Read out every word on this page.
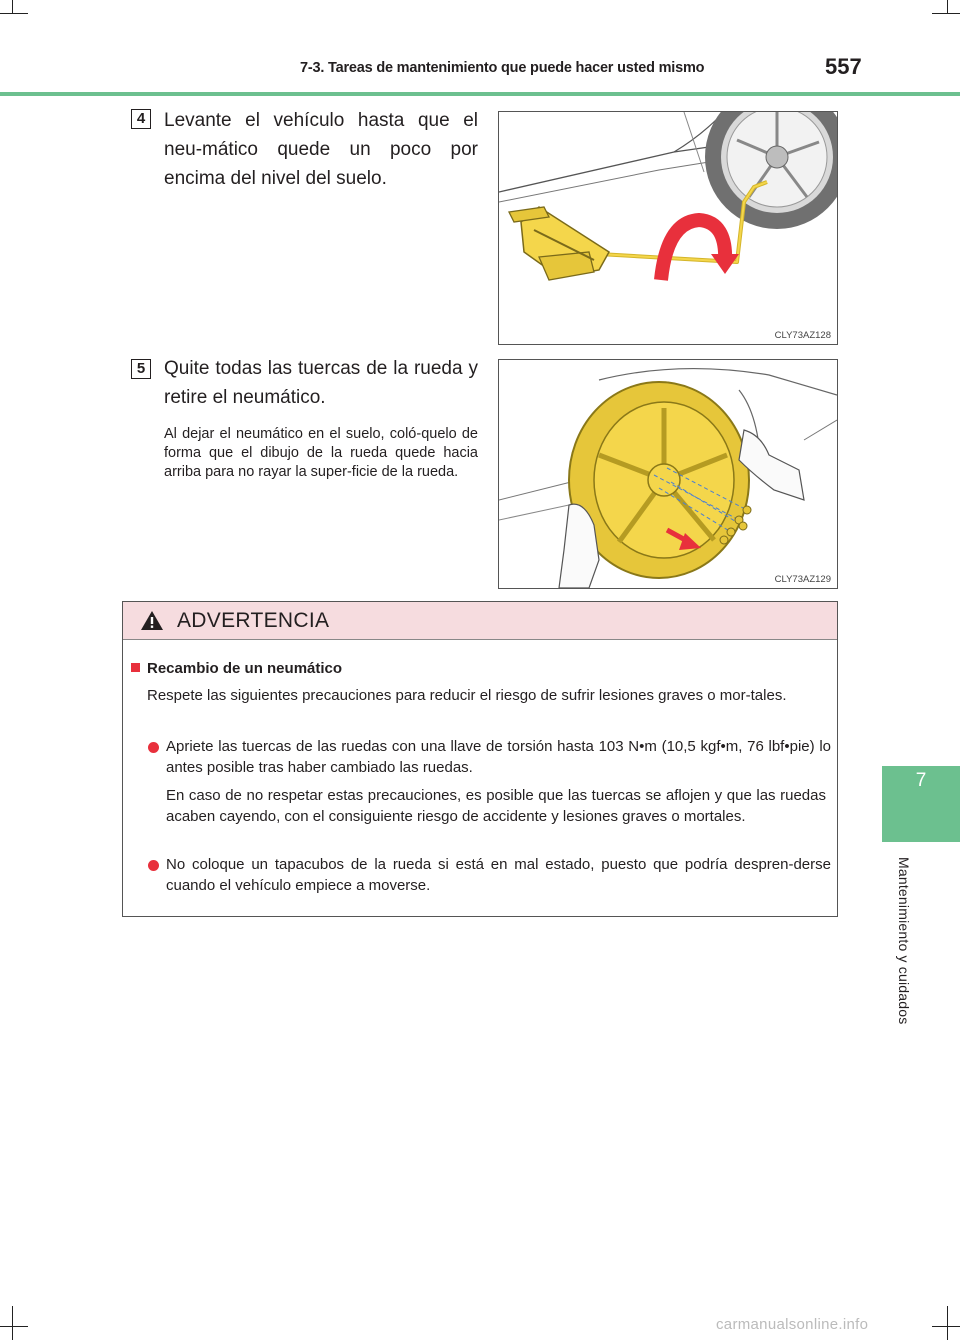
7-3. Tareas de mantenimiento que puede hacer usted mismo	557
7
Mantenimiento y cuidados
4 Levante el vehículo hasta que el neu-mático quede un poco por encima del nivel del suelo.
CLY73AZ128
5 Quite todas las tuercas de la rueda y retire el neumático.
Al dejar el neumático en el suelo, coló-quelo de forma que el dibujo de la rueda quede hacia arriba para no rayar la super-ficie de la rueda.
CLY73AZ129
ADVERTENCIA
Recambio de un neumático
Respete las siguientes precauciones para reducir el riesgo de sufrir lesiones graves o mor-tales.
Apriete las tuercas de las ruedas con una llave de torsión hasta 103 N•m (10,5 kgf•m, 76 lbf•pie) lo antes posible tras haber cambiado las ruedas.
En caso de no respetar estas precauciones, es posible que las tuercas se aflojen y que las ruedas acaben cayendo, con el consiguiente riesgo de accidente y lesiones graves o mortales.
No coloque un tapacubos de la rueda si está en mal estado, puesto que podría despren-derse cuando el vehículo empiece a moverse.
carmanualsonline.info
